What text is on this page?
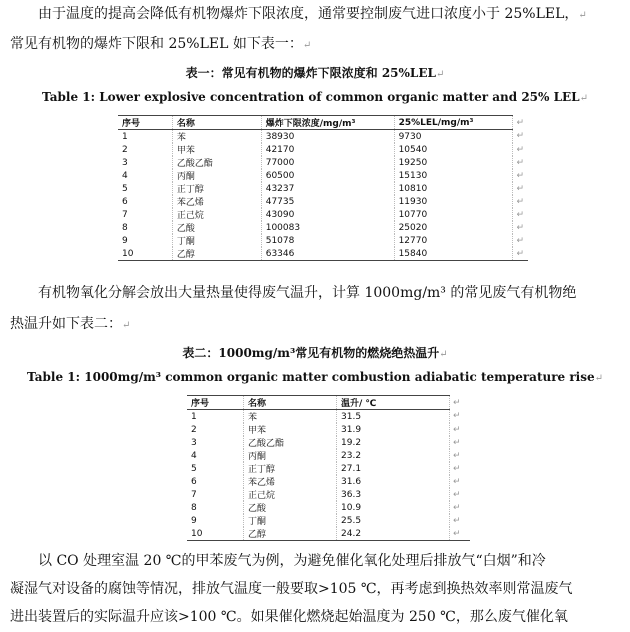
由于温度的提高会降低有机物爆炸下限浓度，通常要控制废气进口浓度小于 25%LEL，↵
常见有机物的爆炸下限和 25%LEL 如下表一：↵
表一：常见有机物的爆炸下限浓度和 25%LEL↵
Table 1: Lower explosive concentration of common organic matter and 25% LEL↵
序号	名称	爆炸下限浓度/mg/m³	25%LEL/mg/m³	↵
1	苯	38930	9730	↵
2	甲苯	42170	10540	↵
3	乙酸乙酯	77000	19250	↵
4	丙酮	60500	15130	↵
5	正丁醇	43237	10810	↵
6	苯乙烯	47735	11930	↵
7	正己烷	43090	10770	↵
8	乙酸	100083	25020	↵
9	丁酮	51078	12770	↵
10	乙醇	63346	15840	↵
有机物氧化分解会放出大量热量使得废气温升，计算 1000mg/m³ 的常见废气有机物绝
热温升如下表二：↵
表二：1000mg/m³常见有机物的燃烧绝热温升↵
Table 1: 1000mg/m³ common organic matter combustion adiabatic temperature rise↵
序号	名称	温升/ ℃	↵
1	苯	31.5	↵
2	甲苯	31.9	↵
3	乙酸乙酯	19.2	↵
4	丙酮	23.2	↵
5	正丁醇	27.1	↵
6	苯乙烯	31.6	↵
7	正己烷	36.3	↵
8	乙酸	10.9	↵
9	丁酮	25.5	↵
10	乙醇	24.2	↵
以 CO 处理室温 20 ℃的甲苯废气为例，为避免催化氧化处理后排放气“白烟”和冷
凝湿气对设备的腐蚀等情况，排放气温度一般要取>105 ℃，再考虑到换热效率则常温废气
进出装置后的实际温升应该>100 ℃。如果催化燃烧起始温度为 250 ℃，那么废气催化氧
